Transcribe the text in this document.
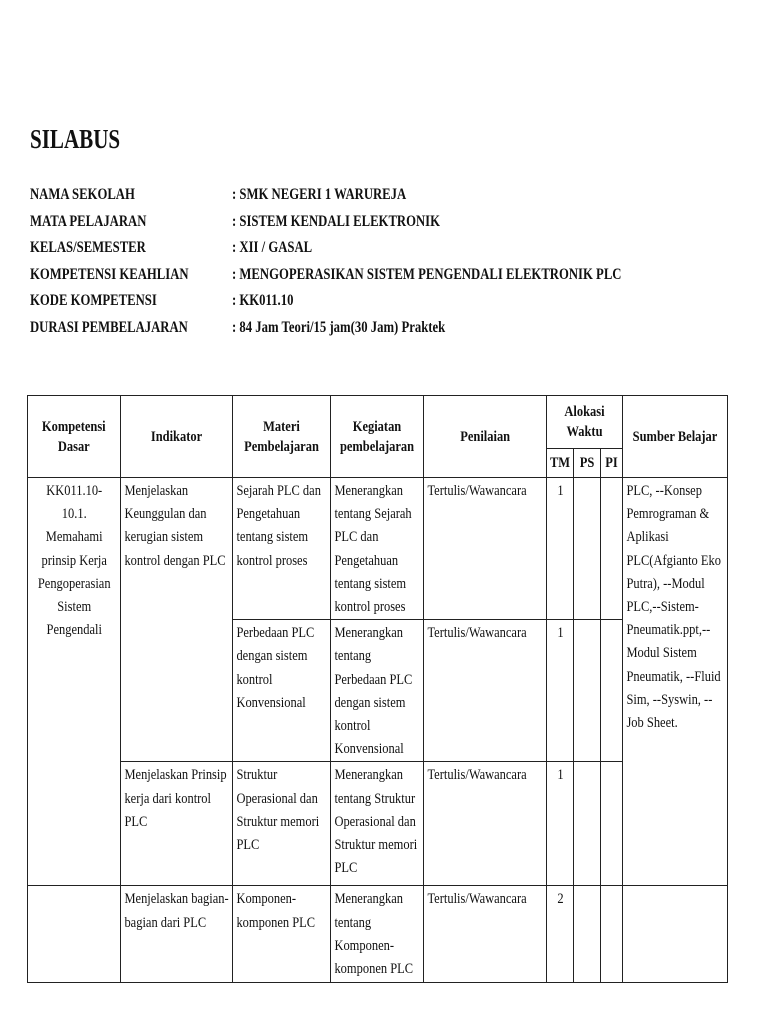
SILABUS
NAMA SEKOLAH	: SMK NEGERI 1 WARUREJA
MATA PELAJARAN	: SISTEM KENDALI ELEKTRONIK
KELAS/SEMESTER	: XII / GASAL
KOMPETENSI KEAHLIAN	: MENGOPERASIKAN SISTEM PENGENDALI ELEKTRONIK PLC
KODE KOMPETENSI	: KK011.10
DURASI PEMBELAJARAN	: 84 Jam Teori/15 jam(30 Jam) Praktek
Kompetensi Dasar	Indikator	Materi Pembelajaran	Kegiatan pembelajaran	Penilaian	Alokasi Waktu			Sumber Belajar

					TM	PS	PI	

KK011.10-10.1. Memahami prinsip Kerja Pengoperasian Sistem Pengendali	Menjelaskan Keunggulan dan kerugian sistem kontrol dengan PLC	Sejarah PLC dan Pengetahuan tentang sistem kontrol proses	Menerangkan tentang Sejarah PLC dan Pengetahuan tentang sistem kontrol proses	Tertulis/Wawancara	1			PLC, --Konsep Pemrograman & Aplikasi PLC(Afgianto Eko Putra), --Modul PLC,--Sistem-Pneumatik.ppt,--Modul Sistem Pneumatik, --Fluid Sim, --Syswin, --Job Sheet.

		Perbedaan PLC dengan sistem kontrol Konvensional	Menerangkan tentang Perbedaan PLC dengan sistem kontrol Konvensional	Tertulis/Wawancara	1			

	Menjelaskan Prinsip kerja dari kontrol PLC	Struktur Operasional dan Struktur memori PLC	Menerangkan tentang Struktur Operasional dan Struktur memori PLC	Tertulis/Wawancara	1			

	Menjelaskan bagian-bagian dari PLC	Komponen-komponen PLC	Menerangkan tentang Komponen-komponen PLC	Tertulis/Wawancara	2			
